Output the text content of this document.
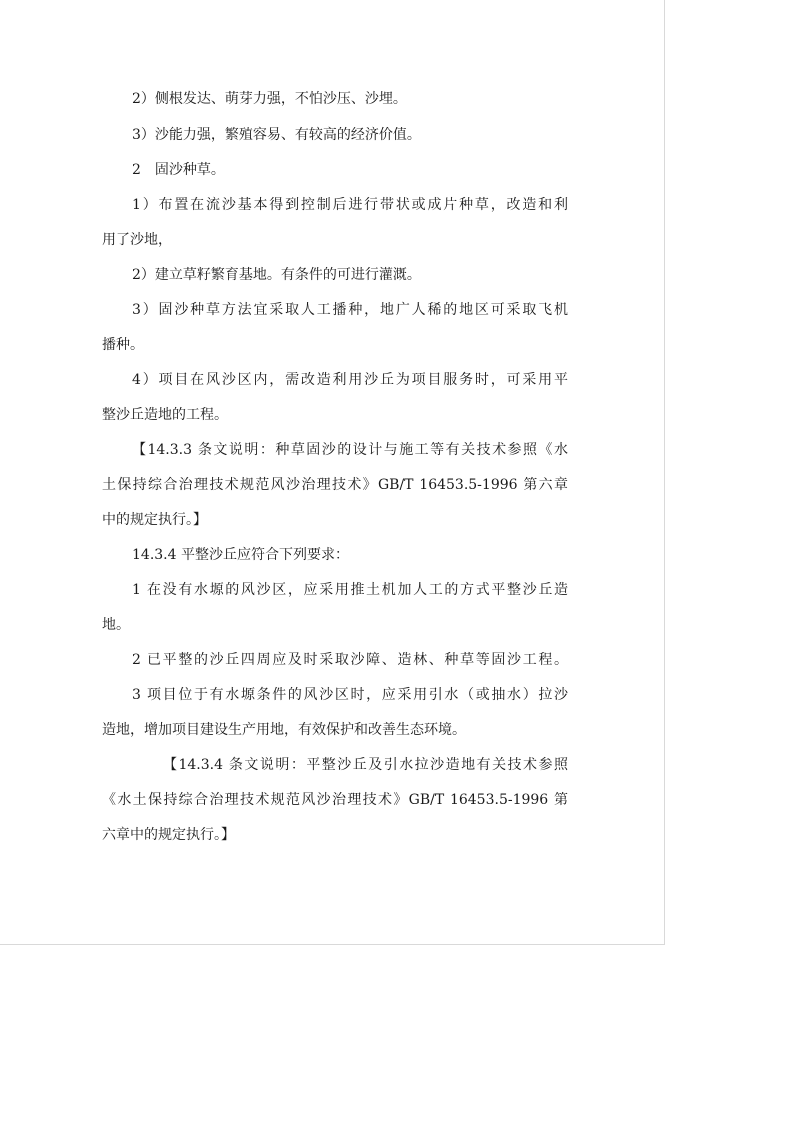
2）侧根发达、萌芽力强，不怕沙压、沙埋。
3）沙能力强，繁殖容易、有较高的经济价值。
2　固沙种草。
1）布置在流沙基本得到控制后进行带状或成片种草，改造和利
用了沙地，
2）建立草籽繁育基地。有条件的可进行灌溉。
3）固沙种草方法宜采取人工播种，地广人稀的地区可采取飞机
播种。
4）项目在风沙区内，需改造利用沙丘为项目服务时，可采用平
整沙丘造地的工程。
【14.3.3 条文说明：种草固沙的设计与施工等有关技术参照《水
土保持综合治理技术规范风沙治理技术》GB/T 16453.5-1996 第六章
中的规定执行。】
14.3.4 平整沙丘应符合下列要求：
1 在没有水塬的风沙区，应采用推土机加人工的方式平整沙丘造
地。
2 已平整的沙丘四周应及时采取沙障、造林、种草等固沙工程。
3 项目位于有水塬条件的风沙区时，应采用引水（或抽水）拉沙
造地，增加项目建设生产用地，有效保护和改善生态环境。
【14.3.4 条文说明：平整沙丘及引水拉沙造地有关技术参照
《水土保持综合治理技术规范风沙治理技术》GB/T 16453.5-1996 第
六章中的规定执行。】
